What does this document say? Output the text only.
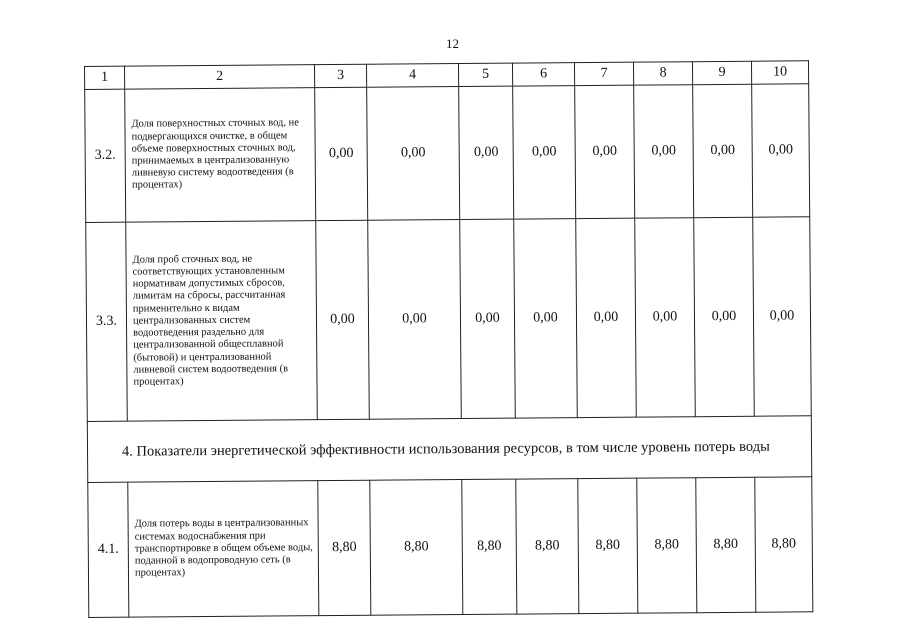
12
1	2	3	4	5	6	7	8	9	10
3.2.	Доля поверхностных сточных вод, не подвергающихся очистке, в общем объеме поверхностных сточных вод, принимаемых в централизованную ливневую систему водоотведения (в процентах)	0,00	0,00	0,00	0,00	0,00	0,00	0,00	0,00
3.3.	Доля проб сточных вод, не соответствующих установленным нормативам допустимых сбросов, лимитам на сбросы, рассчитанная применительно к видам централизованных систем водоотведения раздельно для централизованной общесплавной (бытовой) и централизованной ливневой систем водоотведения (в процентах)	0,00	0,00	0,00	0,00	0,00	0,00	0,00	0,00
4. Показатели энергетической эффективности использования ресурсов, в том числе уровень потерь воды									
4.1.	Доля потерь воды в централизованных системах водоснабжения при транспортировке в общем объеме воды, поданной в водопроводную сеть (в процентах)	8,80	8,80	8,80	8,80	8,80	8,80	8,80	8,80
